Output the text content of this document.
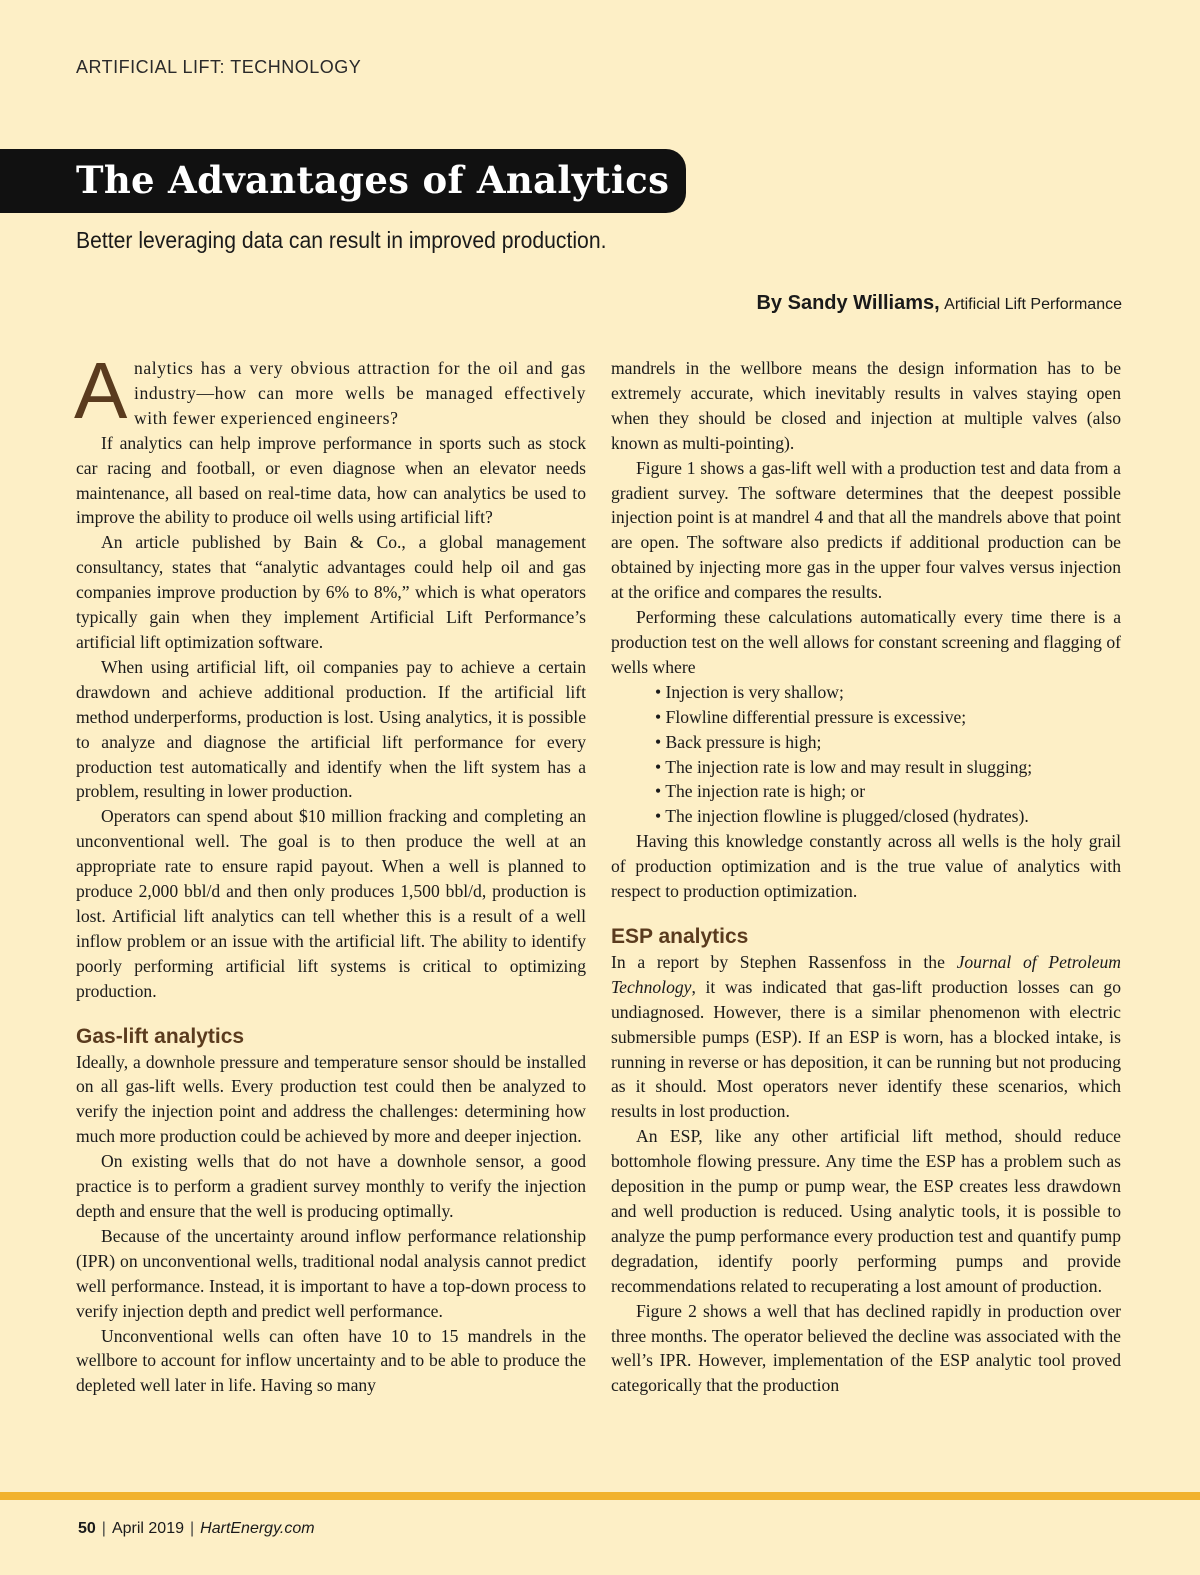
ARTIFICIAL LIFT: TECHNOLOGY
The Advantages of Analytics
Better leveraging data can result in improved production.
By Sandy Williams, Artificial Lift Performance

Analytics has a very obvious attraction for the oil and gas industry—how can more wells be managed effectively with fewer experienced engineers?

If analytics can help improve performance in sports such as stock car racing and football, or even diagnose when an elevator needs maintenance, all based on real-time data, how can analytics be used to improve the ability to produce oil wells using artificial lift?

An article published by Bain & Co., a global management consultancy, states that “analytic advantages could help oil and gas companies improve production by 6% to 8%,” which is what operators typically gain when they implement Artificial Lift Performance’s artificial lift optimization software.

When using artificial lift, oil companies pay to achieve a certain drawdown and achieve additional production. If the artificial lift method underperforms, production is lost. Using analytics, it is possible to analyze and diagnose the artificial lift performance for every production test automatically and identify when the lift system has a problem, resulting in lower production.

Operators can spend about $10 million fracking and completing an unconventional well. The goal is to then produce the well at an appropriate rate to ensure rapid payout. When a well is planned to produce 2,000 bbl/d and then only produces 1,500 bbl/d, production is lost. Artificial lift analytics can tell whether this is a result of a well inflow problem or an issue with the artificial lift. The ability to identify poorly performing artificial lift systems is critical to optimizing production.

Gas-lift analytics

Ideally, a downhole pressure and temperature sensor should be installed on all gas-lift wells. Every production test could then be analyzed to verify the injection point and address the challenges: determining how much more production could be achieved by more and deeper injection.

On existing wells that do not have a downhole sensor, a good practice is to perform a gradient survey monthly to verify the injection depth and ensure that the well is producing optimally.

Because of the uncertainty around inflow performance relationship (IPR) on unconventional wells, traditional nodal analysis cannot predict well performance. Instead, it is important to have a top-down process to verify injection depth and predict well performance.

Unconventional wells can often have 10 to 15 mandrels in the wellbore to account for inflow uncertainty and to be able to produce the depleted well later in life. Having so many

mandrels in the wellbore means the design information has to be extremely accurate, which inevitably results in valves staying open when they should be closed and injection at multiple valves (also known as multi-pointing).

Figure 1 shows a gas-lift well with a production test and data from a gradient survey. The software determines that the deepest possible injection point is at mandrel 4 and that all the mandrels above that point are open. The software also predicts if additional production can be obtained by injecting more gas in the upper four valves versus injection at the orifice and compares the results.

Performing these calculations automatically every time there is a production test on the well allows for constant screening and flagging of wells where

• Injection is very shallow;
• Flowline differential pressure is excessive;
• Back pressure is high;
• The injection rate is low and may result in slugging;
• The injection rate is high; or
• The injection flowline is plugged/closed (hydrates).

Having this knowledge constantly across all wells is the holy grail of production optimization and is the true value of analytics with respect to production optimization.

ESP analytics

In a report by Stephen Rassenfoss in the Journal of Petroleum Technology, it was indicated that gas-lift production losses can go undiagnosed. However, there is a similar phenomenon with electric submersible pumps (ESP). If an ESP is worn, has a blocked intake, is running in reverse or has deposition, it can be running but not producing as it should. Most operators never identify these scenarios, which results in lost production.

An ESP, like any other artificial lift method, should reduce bottomhole flowing pressure. Any time the ESP has a problem such as deposition in the pump or pump wear, the ESP creates less drawdown and well production is reduced. Using analytic tools, it is possible to analyze the pump performance every production test and quantify pump degradation, identify poorly performing pumps and provide recommendations related to recuperating a lost amount of production.

Figure 2 shows a well that has declined rapidly in production over three months. The operator believed the decline was associated with the well’s IPR. However, implementation of the ESP analytic tool proved categorically that the production

50 | April 2019 | HartEnergy.com
